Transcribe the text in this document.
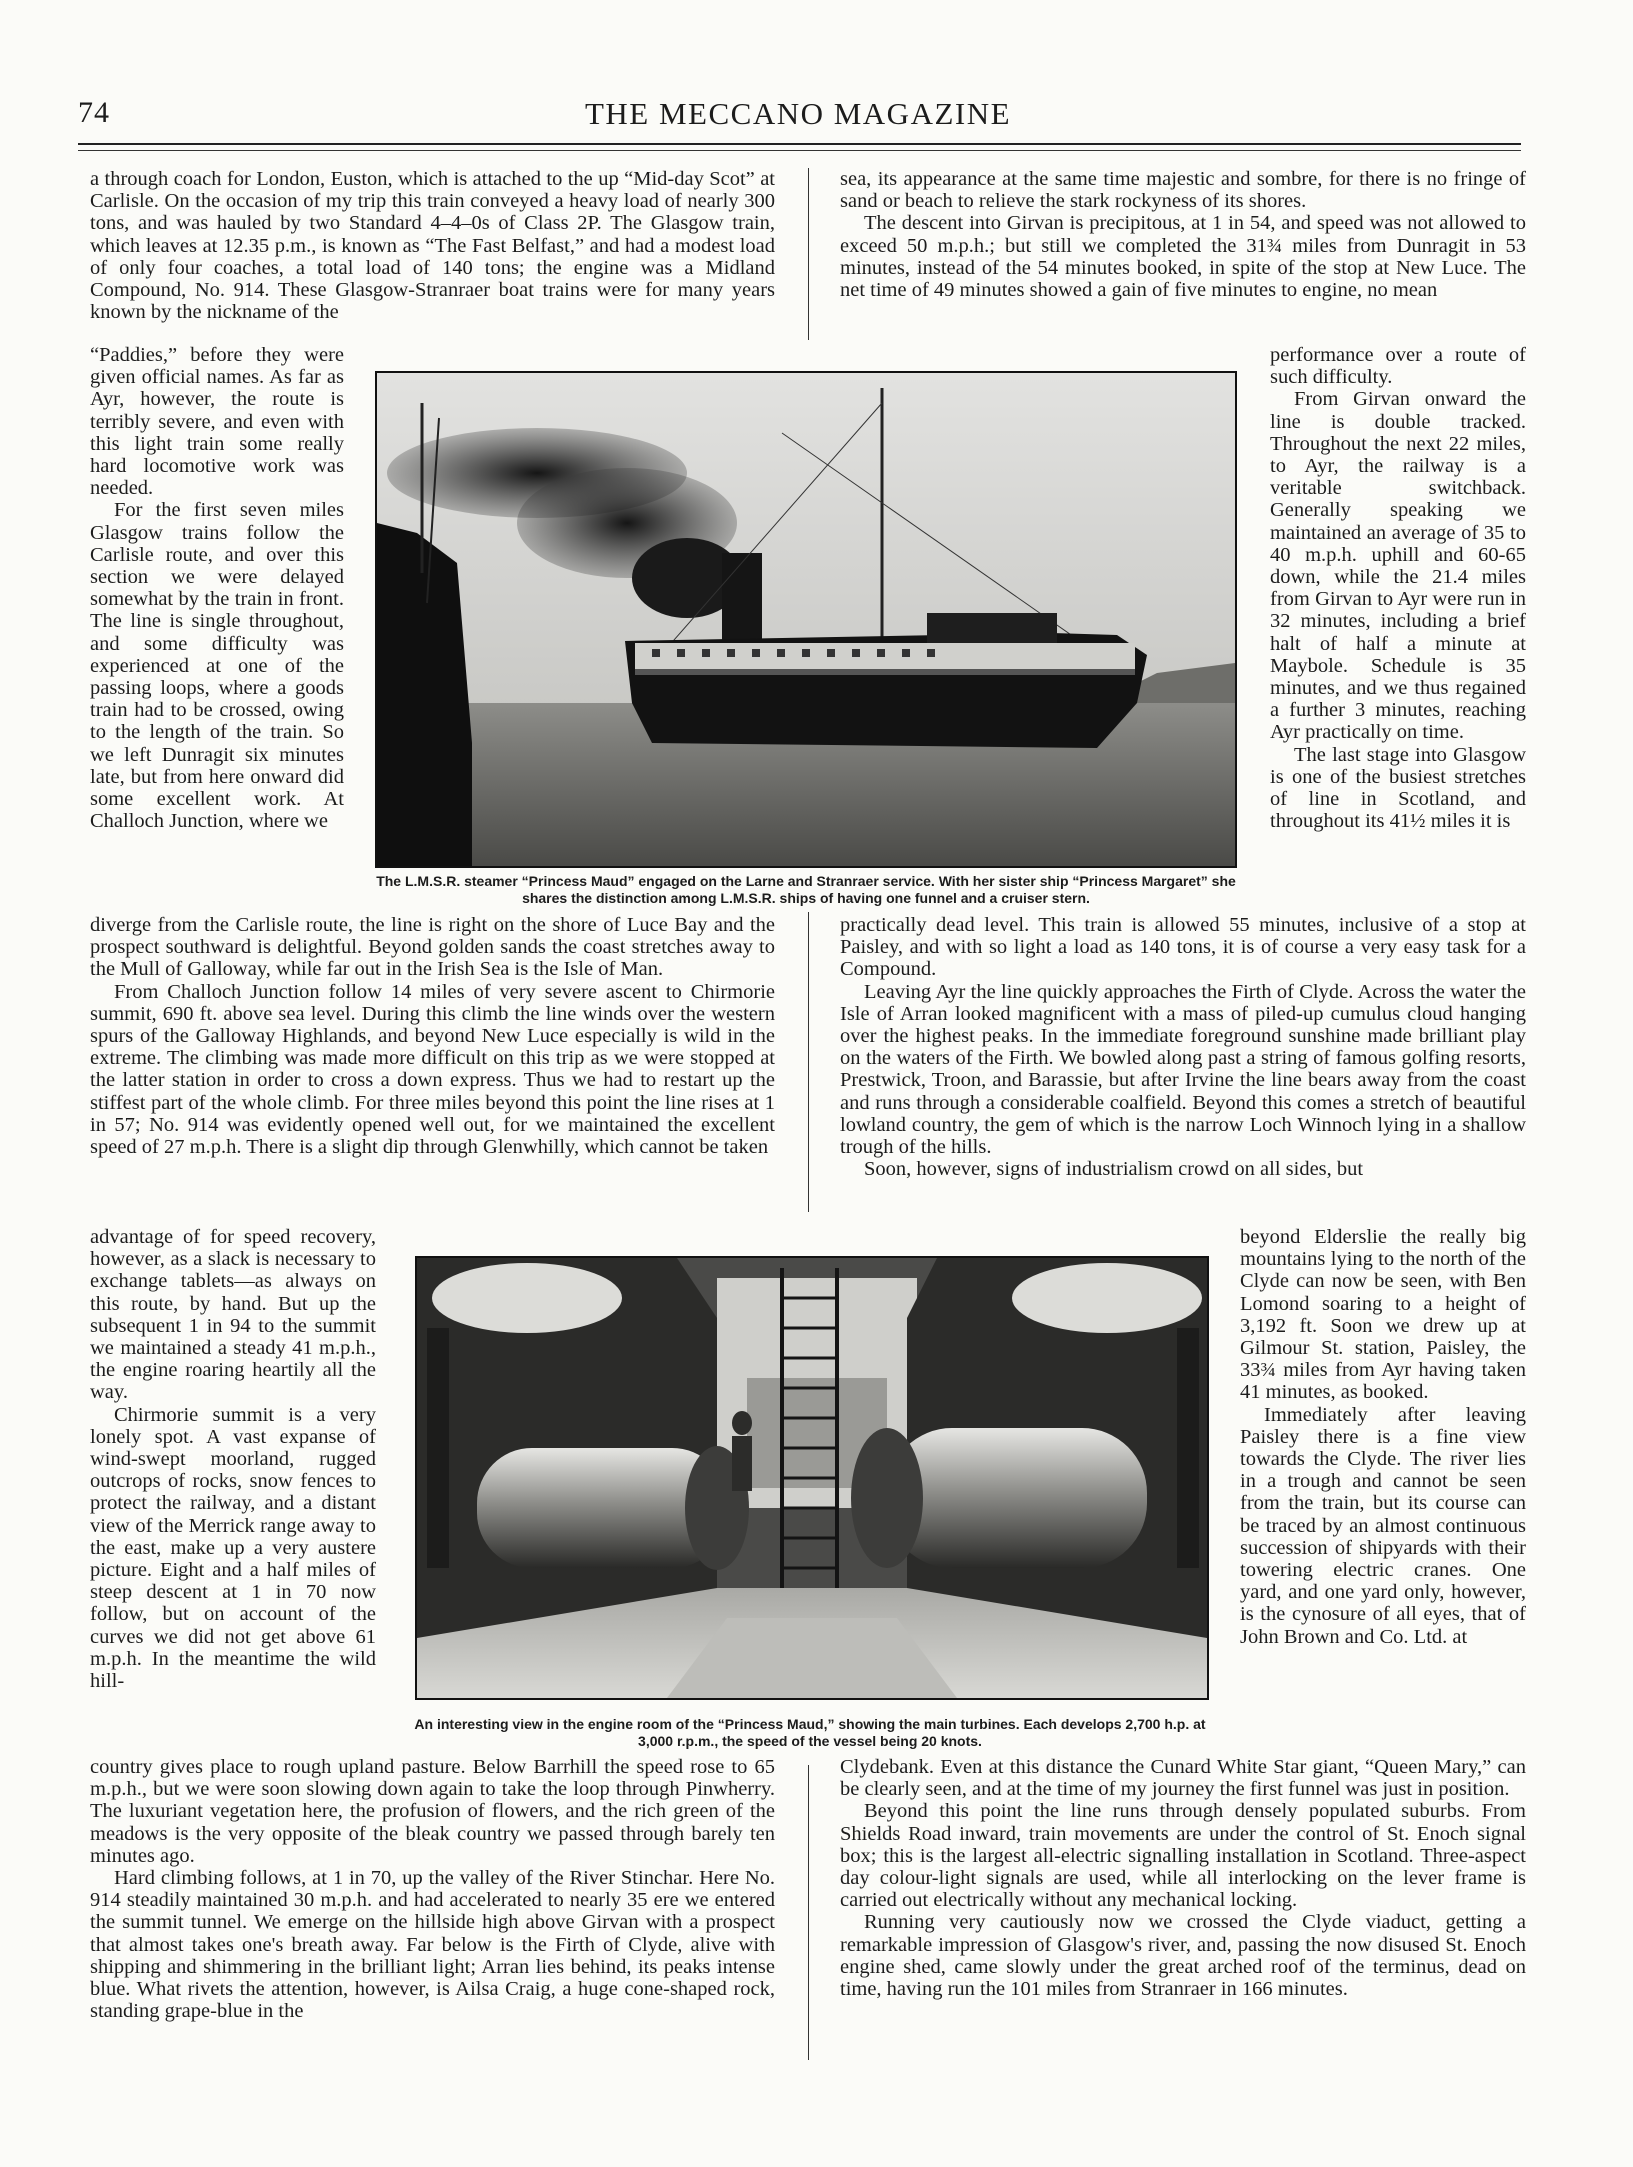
74	THE MECCANO MAGAZINE

a through coach for London, Euston, which is attached to the up “Mid-day Scot” at Carlisle. On the occasion of my trip this train conveyed a heavy load of nearly 300 tons, and was hauled by two Standard 4–4–0s of Class 2P. The Glasgow train, which leaves at 12.35 p.m., is known as “The Fast Belfast,” and had a modest load of only four coaches, a total load of 140 tons; the engine was a Midland Compound, No. 914. These Glasgow-Stranraer boat trains were for many years known by the nickname of the

“Paddies,” before they were given official names. As far as Ayr, however, the route is terribly severe, and even with this light train some really hard locomotive work was needed.

For the first seven miles Glasgow trains follow the Carlisle route, and over this section we were delayed somewhat by the train in front. The line is single throughout, and some difficulty was experienced at one of the passing loops, where a goods train had to be crossed, owing to the length of the train. So we left Dunragit six minutes late, but from here onward did some excellent work. At Challoch Junction, where we

The L.M.S.R. steamer “Princess Maud” engaged on the Larne and Stranraer service. With her sister ship “Princess Margaret” she shares the distinction among L.M.S.R. ships of having one funnel and a cruiser stern.

sea, its appearance at the same time majestic and sombre, for there is no fringe of sand or beach to relieve the stark rockyness of its shores.

The descent into Girvan is precipitous, at 1 in 54, and speed was not allowed to exceed 50 m.p.h.; but still we completed the 31¾ miles from Dunragit in 53 minutes, instead of the 54 minutes booked, in spite of the stop at New Luce. The net time of 49 minutes showed a gain of five minutes to engine, no mean

performance over a route of such difficulty.

From Girvan onward the line is double tracked. Throughout the next 22 miles, to Ayr, the railway is a veritable switchback. Generally speaking we maintained an average of 35 to 40 m.p.h. uphill and 60-65 down, while the 21.4 miles from Girvan to Ayr were run in 32 minutes, including a brief halt of half a minute at Maybole. Schedule is 35 minutes, and we thus regained a further 3 minutes, reaching Ayr practically on time.

The last stage into Glasgow is one of the busiest stretches of line in Scotland, and throughout its 41½ miles it is

diverge from the Carlisle route, the line is right on the shore of Luce Bay and the prospect southward is delightful. Beyond golden sands the coast stretches away to the Mull of Galloway, while far out in the Irish Sea is the Isle of Man.

From Challoch Junction follow 14 miles of very severe ascent to Chirmorie summit, 690 ft. above sea level. During this climb the line winds over the western spurs of the Galloway Highlands, and beyond New Luce especially is wild in the extreme. The climbing was made more difficult on this trip as we were stopped at the latter station in order to cross a down express. Thus we had to restart up the stiffest part of the whole climb. For three miles beyond this point the line rises at 1 in 57; No. 914 was evidently opened well out, for we maintained the excellent speed of 27 m.p.h. There is a slight dip through Glenwhilly, which cannot be taken

practically dead level. This train is allowed 55 minutes, inclusive of a stop at Paisley, and with so light a load as 140 tons, it is of course a very easy task for a Compound.

Leaving Ayr the line quickly approaches the Firth of Clyde. Across the water the Isle of Arran looked magnificent with a mass of piled-up cumulus cloud hanging over the highest peaks. In the immediate foreground sunshine made brilliant play on the waters of the Firth. We bowled along past a string of famous golfing resorts, Prestwick, Troon, and Barassie, but after Irvine the line bears away from the coast and runs through a considerable coalfield. Beyond this comes a stretch of beautiful lowland country, the gem of which is the narrow Loch Winnoch lying in a shallow trough of the hills.

Soon, however, signs of industrialism crowd on all sides, but

advantage of for speed recovery, however, as a slack is necessary to exchange tablets—as always on this route, by hand. But up the subsequent 1 in 94 to the summit we maintained a steady 41 m.p.h., the engine roaring heartily all the way.

Chirmorie summit is a very lonely spot. A vast expanse of wind-swept moorland, rugged outcrops of rocks, snow fences to protect the railway, and a distant view of the Merrick range away to the east, make up a very austere picture. Eight and a half miles of steep descent at 1 in 70 now follow, but on account of the curves we did not get above 61 m.p.h. In the meantime the wild hill-

An interesting view in the engine room of the “Princess Maud,” showing the main turbines. Each develops 2,700 h.p. at 3,000 r.p.m., the speed of the vessel being 20 knots.

beyond Elderslie the really big mountains lying to the north of the Clyde can now be seen, with Ben Lomond soaring to a height of 3,192 ft. Soon we drew up at Gilmour St. station, Paisley, the 33¾ miles from Ayr having taken 41 minutes, as booked.

Immediately after leaving Paisley there is a fine view towards the Clyde. The river lies in a trough and cannot be seen from the train, but its course can be traced by an almost continuous succession of shipyards with their towering electric cranes. One yard, and one yard only, however, is the cynosure of all eyes, that of John Brown and Co. Ltd. at

country gives place to rough upland pasture. Below Barrhill the speed rose to 65 m.p.h., but we were soon slowing down again to take the loop through Pinwherry. The luxuriant vegetation here, the profusion of flowers, and the rich green of the meadows is the very opposite of the bleak country we passed through barely ten minutes ago.

Hard climbing follows, at 1 in 70, up the valley of the River Stinchar. Here No. 914 steadily maintained 30 m.p.h. and had accelerated to nearly 35 ere we entered the summit tunnel. We emerge on the hillside high above Girvan with a prospect that almost takes one's breath away. Far below is the Firth of Clyde, alive with shipping and shimmering in the brilliant light; Arran lies behind, its peaks intense blue. What rivets the attention, however, is Ailsa Craig, a huge cone-shaped rock, standing grape-blue in the

Clydebank. Even at this distance the Cunard White Star giant, “Queen Mary,” can be clearly seen, and at the time of my journey the first funnel was just in position.

Beyond this point the line runs through densely populated suburbs. From Shields Road inward, train movements are under the control of St. Enoch signal box; this is the largest all-electric signalling installation in Scotland. Three-aspect day colour-light signals are used, while all interlocking on the lever frame is carried out electrically without any mechanical locking.

Running very cautiously now we crossed the Clyde viaduct, getting a remarkable impression of Glasgow's river, and, passing the now disused St. Enoch engine shed, came slowly under the great arched roof of the terminus, dead on time, having run the 101 miles from Stranraer in 166 minutes.
